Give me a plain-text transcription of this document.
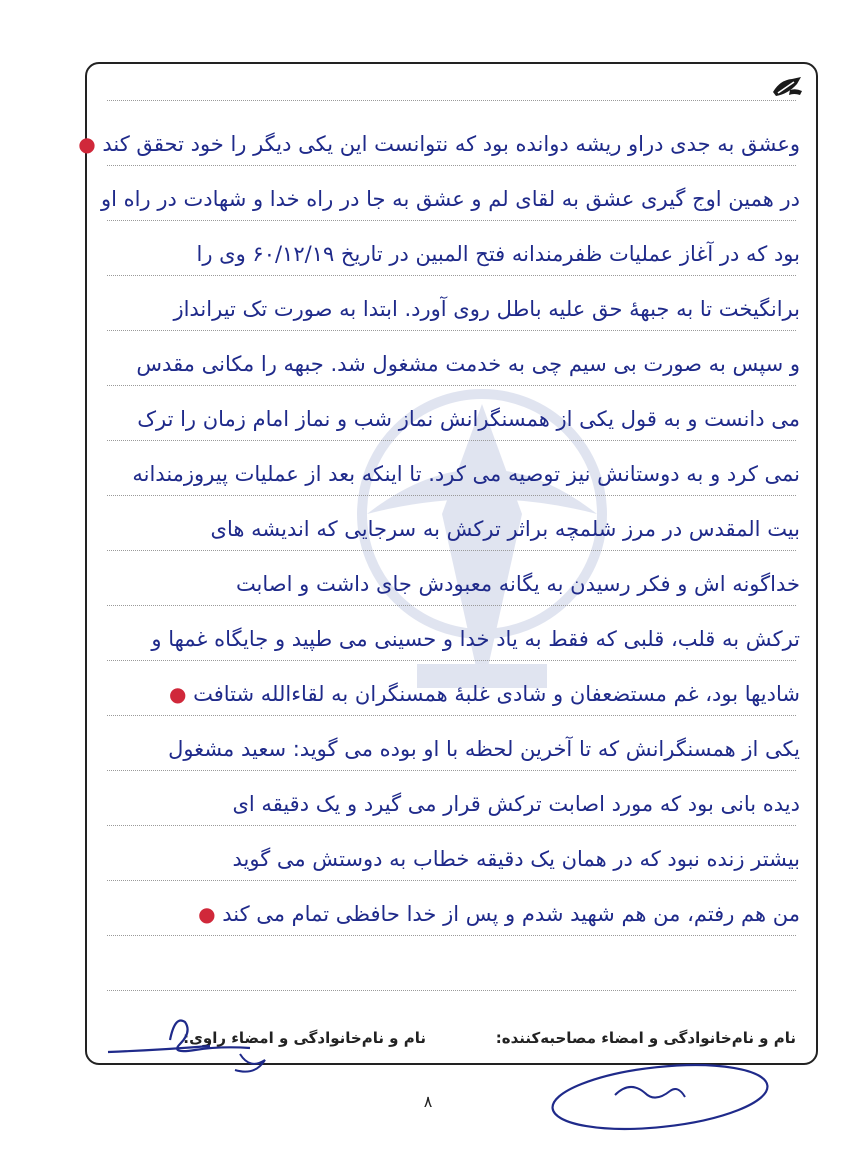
وعشق به جدی دراو ریشه دوانده بود که نتوانست این یکی دیگر را خود تحقق کند ●
در همین اوج گیری عشق به لقای لم و عشق به جا در راه خدا و شهادت در راه او
بود که در آغاز عملیات ظفرمندانه فتح المبین در تاریخ ۶۰/۱۲/۱۹ وی را
برانگیخت تا به جبههٔ حق علیه باطل روی آورد. ابتدا به صورت تک تیرانداز
و سپس به صورت بی سیم چی به خدمت مشغول شد. جبهه را مکانی مقدس
می دانست و به قول یکی از همسنگرانش نماز شب و نماز امام زمان را ترک
نمی کرد و به دوستانش نیز توصیه می کرد. تا اینکه بعد از عملیات پیروزمندانه
بیت المقدس در مرز شلمچه براثر ترکش به سرجایی که اندیشه های
خداگونه اش و فکر رسیدن به یگانه معبودش جای داشت و اصابت
ترکش به قلب، قلبی که فقط به یاد خدا و حسینی می طپید و جایگاه غمها و
شادیها بود، غم مستضعفان و شادی غلبهٔ همسنگران به لقاءالله شتافت ●
یکی از همسنگرانش که تا آخرین لحظه با او بوده می گوید: سعید مشغول
دیده بانی بود که مورد اصابت ترکش قرار می گیرد و یک دقیقه ای
بیشتر زنده نبود که در همان یک دقیقه خطاب به دوستش می گوید
من هم رفتم، من هم شهید شدم و پس از خدا حافظی تمام می کند ●
نام و نام‌خانوادگی و امضاء مصاحبه‌کننده:
نام و نام‌خانوادگی و امضاء راوی:
۸
